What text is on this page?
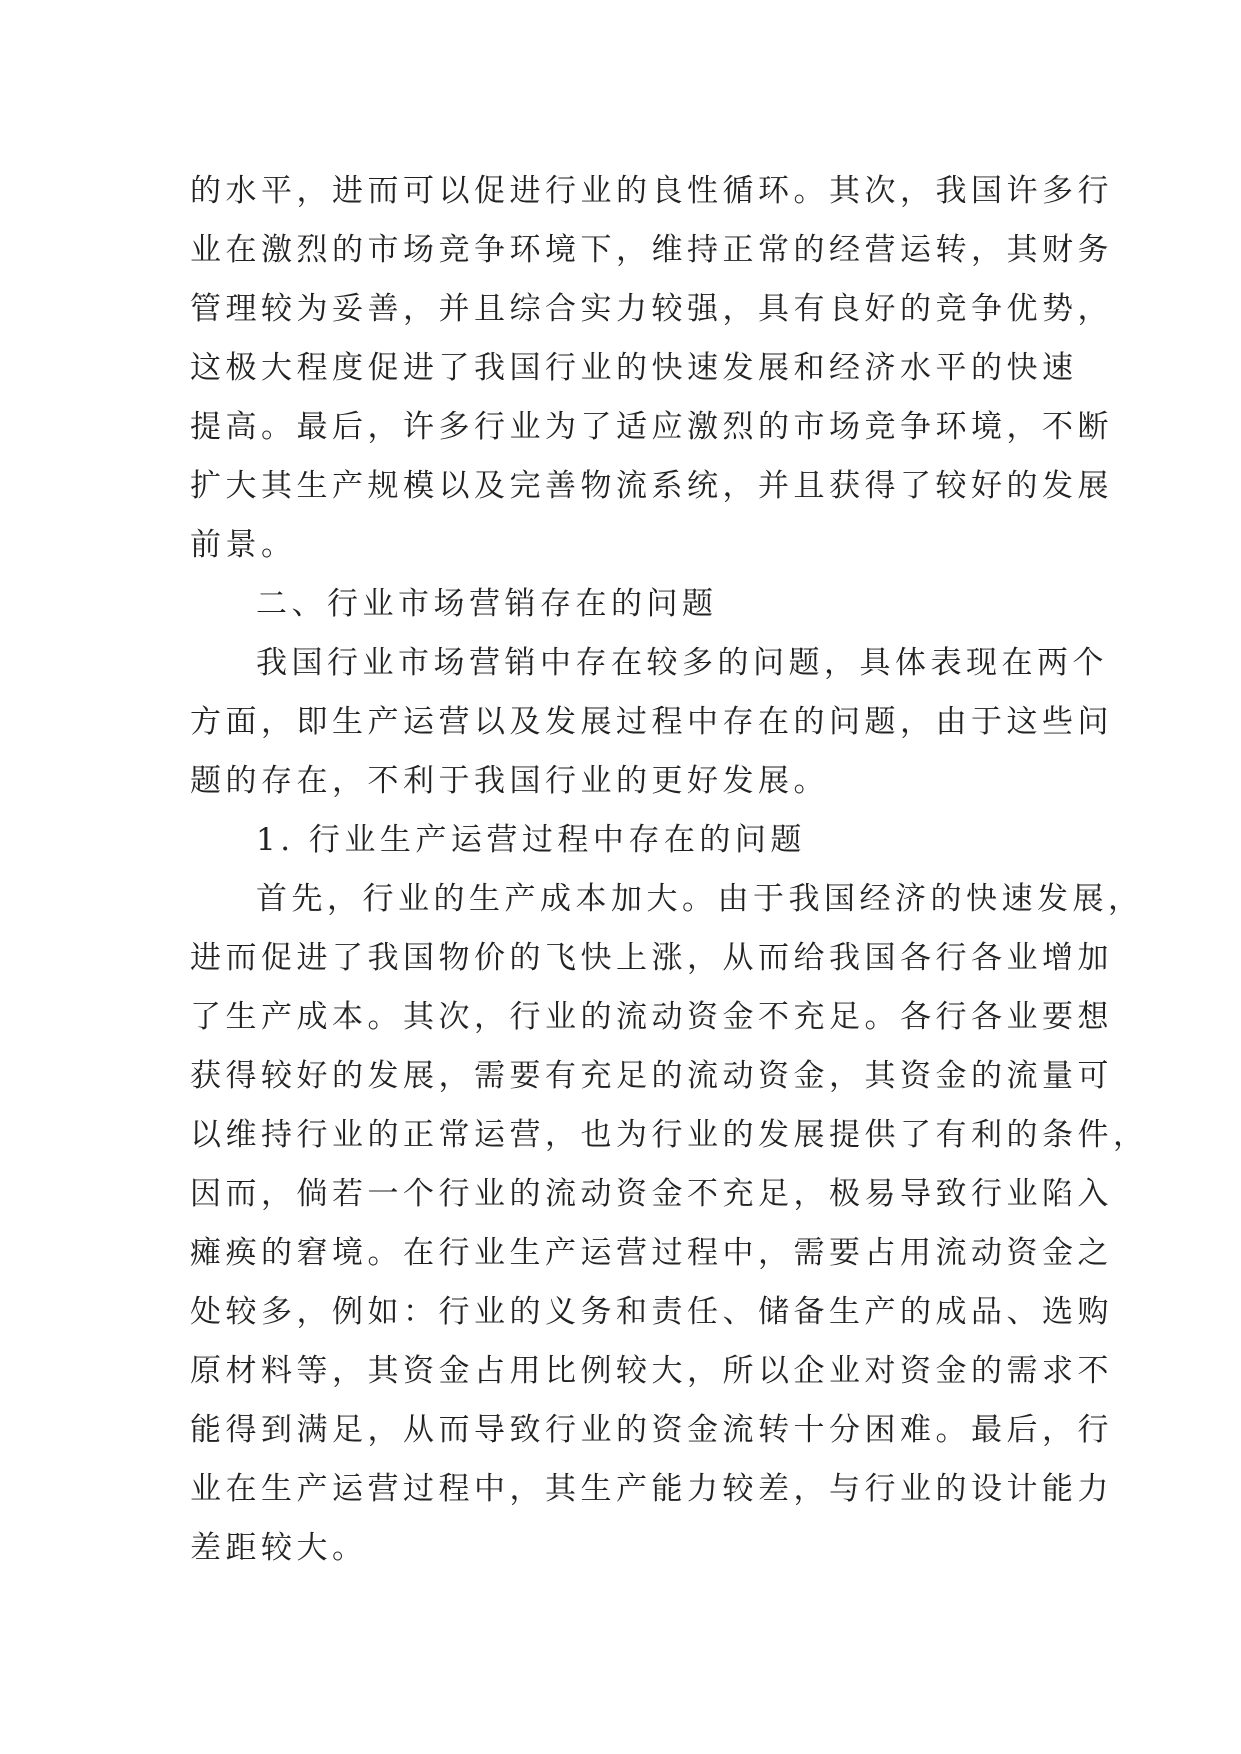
的水平，进而可以促进行业的良性循环。其次，我国许多行
业在激烈的市场竞争环境下，维持正常的经营运转，其财务
管理较为妥善，并且综合实力较强，具有良好的竞争优势，
这极大程度促进了我国行业的快速发展和经济水平的快速
提高。最后，许多行业为了适应激烈的市场竞争环境，不断
扩大其生产规模以及完善物流系统，并且获得了较好的发展
前景。
二、行业市场营销存在的问题
我国行业市场营销中存在较多的问题，具体表现在两个
方面，即生产运营以及发展过程中存在的问题，由于这些问
题的存在，不利于我国行业的更好发展。
1. 行业生产运营过程中存在的问题
首先，行业的生产成本加大。由于我国经济的快速发展，
进而促进了我国物价的飞快上涨，从而给我国各行各业增加
了生产成本。其次，行业的流动资金不充足。各行各业要想
获得较好的发展，需要有充足的流动资金，其资金的流量可
以维持行业的正常运营，也为行业的发展提供了有利的条件，
因而，倘若一个行业的流动资金不充足，极易导致行业陷入
瘫痪的窘境。在行业生产运营过程中，需要占用流动资金之
处较多，例如：行业的义务和责任、储备生产的成品、选购
原材料等，其资金占用比例较大，所以企业对资金的需求不
能得到满足，从而导致行业的资金流转十分困难。最后，行
业在生产运营过程中，其生产能力较差，与行业的设计能力
差距较大。
